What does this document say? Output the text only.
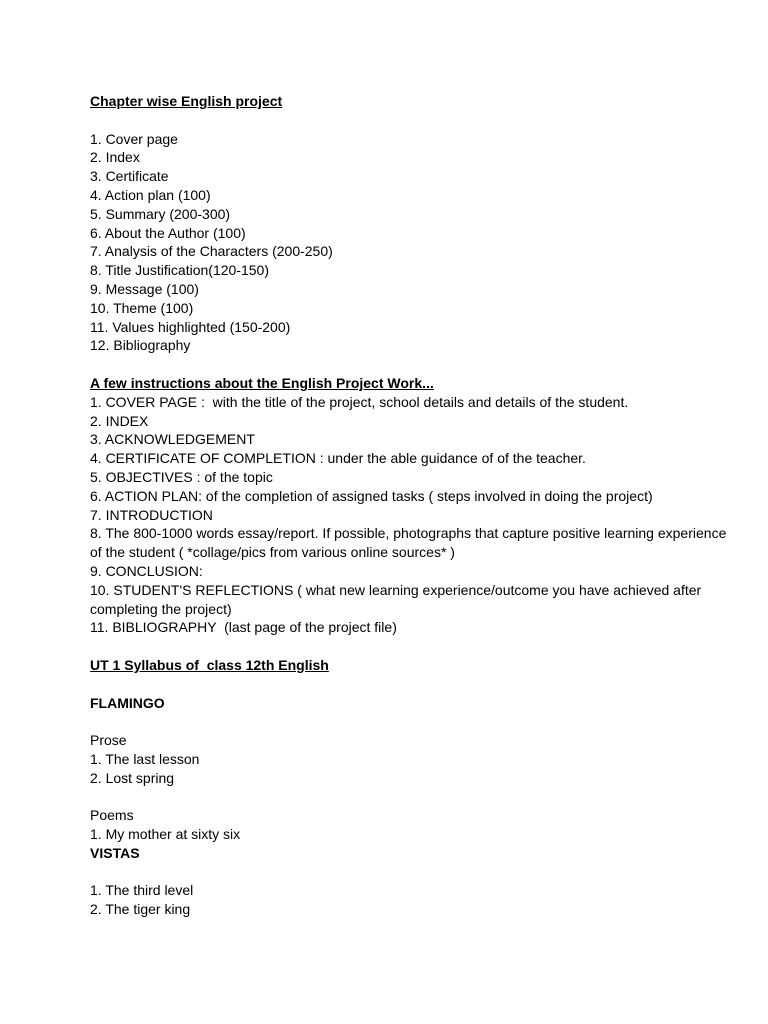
Chapter wise English project

1. Cover page

2. Index

3. Certificate

4. Action plan (100)

5. Summary (200-300)

6. About the Author (100)

7. Analysis of the Characters (200-250)

8. Title Justification(120-150)

9. Message (100)

10. Theme (100)

11. Values highlighted (150-200)

12. Bibliography

A few instructions about the English Project Work...

1. COVER PAGE :  with the title of the project, school details and details of the student.

2. INDEX

3. ACKNOWLEDGEMENT

4. CERTIFICATE OF COMPLETION : under the able guidance of of the teacher.

5. OBJECTIVES : of the topic

6. ACTION PLAN: of the completion of assigned tasks ( steps involved in doing the project)

7. INTRODUCTION

8. The 800-1000 words essay/report. If possible, photographs that capture positive learning experience of the student ( *collage/pics from various online sources* )

9. CONCLUSION:

10. STUDENT'S REFLECTIONS ( what new learning experience/outcome you have achieved after completing the project)

11. BIBLIOGRAPHY  (last page of the project file)

UT 1 Syllabus of  class 12th English

FLAMINGO

Prose

1. The last lesson

2. Lost spring

Poems

1. My mother at sixty six

VISTAS

1. The third level

2. The tiger king
